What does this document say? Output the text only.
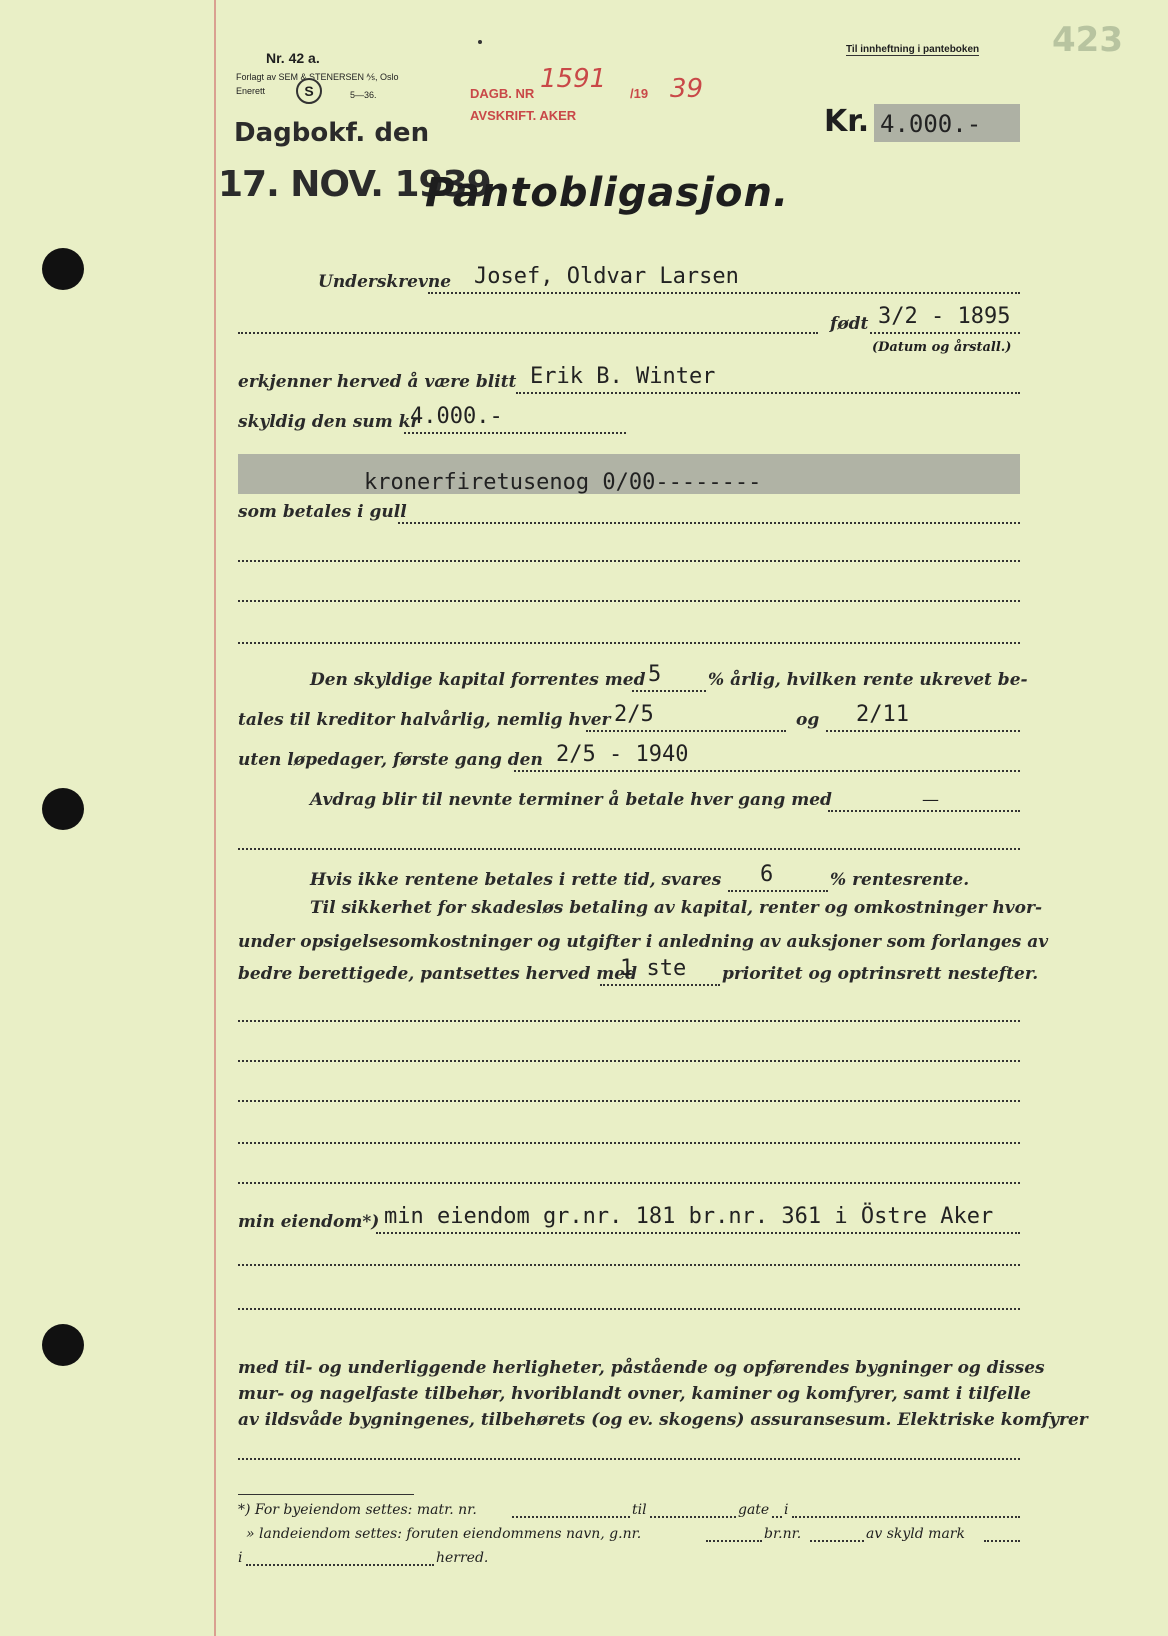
Nr. 42 a.
Forlagt av SEM & STENERSEN ⅍, Oslo
Enerett	S	5—36.
Til innheftning i panteboken 423
DAGB. NR 1591 /19 39
AVSKRIFT. AKER
Dagbokf. den
17. NOV. 1939
Pantobligasjon.
Kr. 4.000.-
Underskrevne Josef, Oldvar Larsen
født 3/2 - 1895
(Datum og årstall.)
erkjenner herved å være blitt Erik B. Winter
skyldig den sum kr
4.000.-
kronerfiretusenog 0/00--------
som betales i gull
Den skyldige kapital forrentes med 5	% årlig, hvilken rente ukrevet be-
tales til kreditor halvårlig, nemlig hver 2/5	og 2/11
uten løpedager, første gang den 2/5 - 1940
Avdrag blir til nevnte terminer å betale hver gang med	—
Hvis ikke rentene betales i rette tid, svares 6	% rentesrente.
Til sikkerhet for skadesløs betaling av kapital, renter og omkostninger hvor-
under opsigelsesomkostninger og utgifter i anledning av auksjoner som forlanges av
bedre berettigede, pantsettes herved med
1 ste prioritet og optrinsrett nestefter.
min eiendom*) min eiendom gr.nr. 181 br.nr. 361 i Östre Aker
med til- og underliggende herligheter, påstående og opførendes bygninger og disses
mur- og nagelfaste tilbehør, hvoriblandt ovner, kaminer og komfyrer, samt i tilfelle
av ildsvåde bygningenes, tilbehørets (og ev. skogens) assuransesum. Elektriske komfyrer
*) For byeiendom settes: matr. nr.	til	gate i
» landeiendom settes: foruten eiendommens navn, g.nr.	br.nr.	av skyld mark
i	herred.
